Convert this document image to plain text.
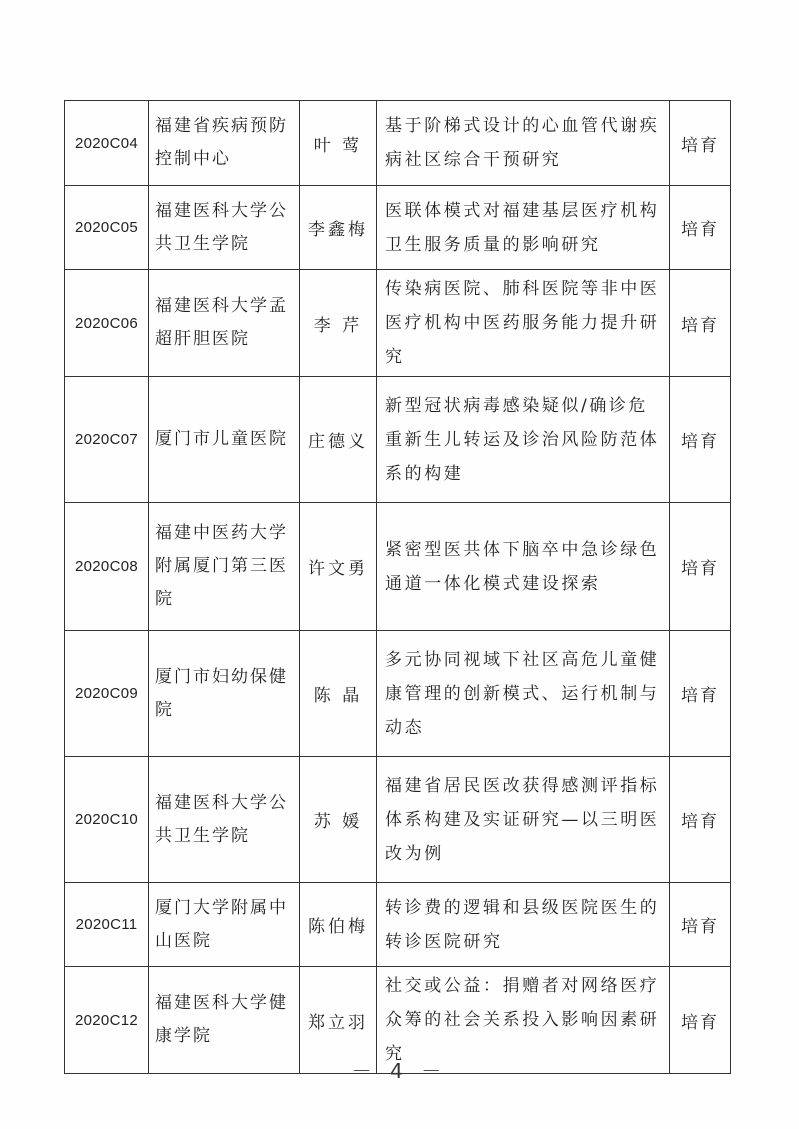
2020C04	福建省疾病预防控制中心	叶 莺	基于阶梯式设计的心血管代谢疾病社区综合干预研究	培育
2020C05	福建医科大学公共卫生学院	李鑫梅	医联体模式对福建基层医疗机构卫生服务质量的影响研究	培育
2020C06	福建医科大学孟超肝胆医院	李 芹	传染病医院、肺科医院等非中医医疗机构中医药服务能力提升研究	培育
2020C07	厦门市儿童医院	庄德义	新型冠状病毒感染疑似/确诊危重新生儿转运及诊治风险防范体系的构建	培育
2020C08	福建中医药大学附属厦门第三医院	许文勇	紧密型医共体下脑卒中急诊绿色通道一体化模式建设探索	培育
2020C09	厦门市妇幼保健院	陈 晶	多元协同视域下社区高危儿童健康管理的创新模式、运行机制与动态	培育
2020C10	福建医科大学公共卫生学院	苏 媛	福建省居民医改获得感测评指标体系构建及实证研究—以三明医改为例	培育
2020C11	厦门大学附属中山医院	陈伯梅	转诊费的逻辑和县级医院医生的转诊医院研究	培育
2020C12	福建医科大学健康学院	郑立羽	社交或公益：捐赠者对网络医疗众筹的社会关系投入影响因素研究	培育
－ 4 －
